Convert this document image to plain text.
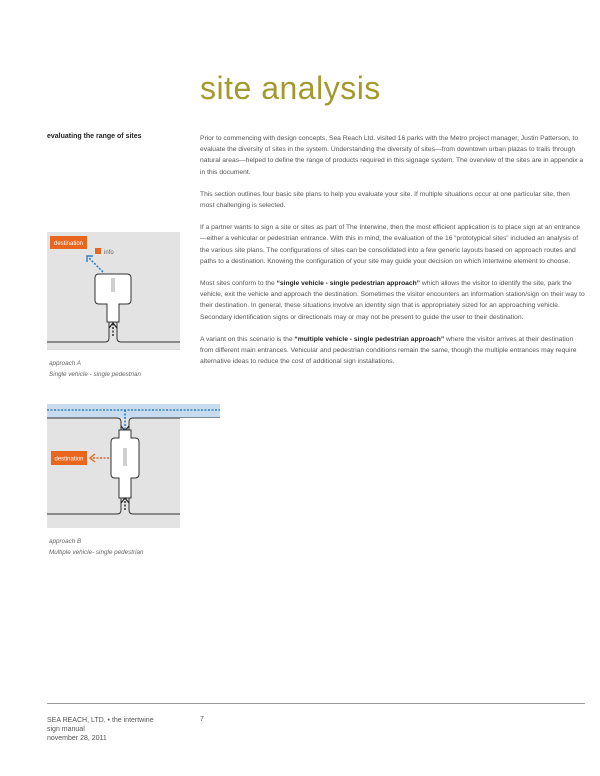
site analysis
evaluating the range of sites	Prior to commencing with design concepts, Sea Reach Ltd. visited 16 parks with the Metro project manager, Justin Patterson, to evaluate the diversity of sites in the system. Understanding the diversity of sites—from downtown urban plazas to trails through natural areas—helped to define the range of products required in this signage system. The overview of the sites are in appendix a in this document.

This section outlines four basic site plans to help you evaluate your site. If multiple situations occur at one particular site, then most challenging is selected.

If a partner wants to sign a site or sites as part of The Interwine, then the most efficient application is to place sign at an entrance—either a vehicular or pedestrian entrance. With this in mind, the evaluation of the 16 “prototypical sites” included an analysis of the various site plans. The configurations of sites can be consolidated into a few generic layouts based on approach routes and paths to a destination. Knowing the configuration of your site may guide your decision on which Intertwine element to choose.

Most sites conform to the “single vehicle - single pedestrian approach” which allows the visitor to identify the site, park the vehicle, exit the vehicle and approach the destination. Sometimes the visitor encounters an information station/sign on their way to their destination. In general, these situations involve an identity sign that is appropriately sized for an approaching vehicle. Secondary identification signs or directionals may or may not be present to guide the user to their destination.

A variant on this scenario is the “multiple vehicle - single pedestrian approach” where the visitor arrives at their destination from different main entrances. Vehicular and pedestrian conditions remain the same, though the multiple entrances may require alternative ideas to reduce the cost of additional sign installations.

destination
info
approach A
Single vehicle - single pedestrian
destination
approach B
Multiple vehicle- single pedestrian
SEA REACH, LTD. • the intertwine
sign manual
november 28, 2011
7
